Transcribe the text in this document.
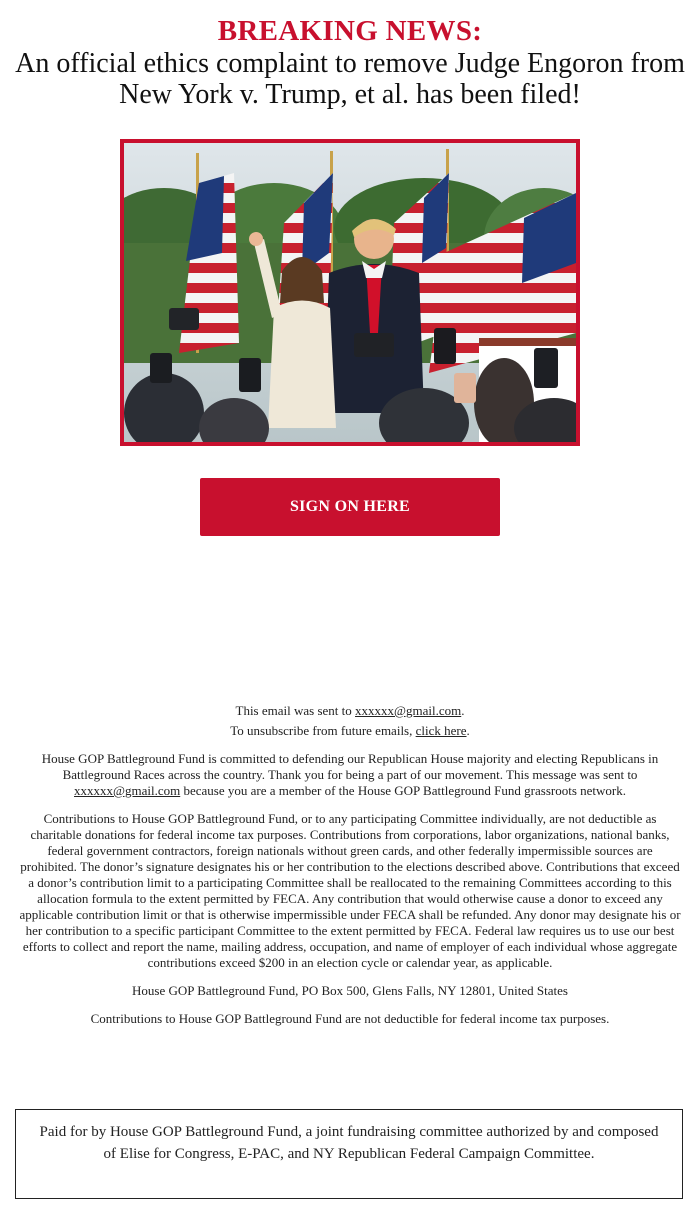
BREAKING NEWS:
An official ethics complaint to remove Judge Engoron from New York v. Trump, et al. has been filed!
SIGN ON HERE

This email was sent to xxxxxx@gmail.com.

To unsubscribe from future emails, click here.

House GOP Battleground Fund is committed to defending our Republican House majority and electing Republicans in Battleground Races across the country. Thank you for being a part of our movement. This message was sent to xxxxxx@gmail.com because you are a member of the House GOP Battleground Fund grassroots network.

Contributions to House GOP Battleground Fund, or to any participating Committee individually, are not deductible as charitable donations for federal income tax purposes. Contributions from corporations, labor organizations, national banks, federal government contractors, foreign nationals without green cards, and other federally impermissible sources are prohibited. The donor’s signature designates his or her contribution to the elections described above. Contributions that exceed a donor’s contribution limit to a participating Committee shall be reallocated to the remaining Committees according to this allocation formula to the extent permitted by FECA. Any contribution that would otherwise cause a donor to exceed any applicable contribution limit or that is otherwise impermissible under FECA shall be refunded. Any donor may designate his or her contribution to a specific participant Committee to the extent permitted by FECA. Federal law requires us to use our best efforts to collect and report the name, mailing address, occupation, and name of employer of each individual whose aggregate contributions exceed $200 in an election cycle or calendar year, as applicable.

House GOP Battleground Fund, PO Box 500, Glens Falls, NY 12801, United States

Contributions to House GOP Battleground Fund are not deductible for federal income tax purposes.

Paid for by House GOP Battleground Fund, a joint fundraising committee authorized by and composed of Elise for Congress, E-PAC, and NY Republican Federal Campaign Committee.
